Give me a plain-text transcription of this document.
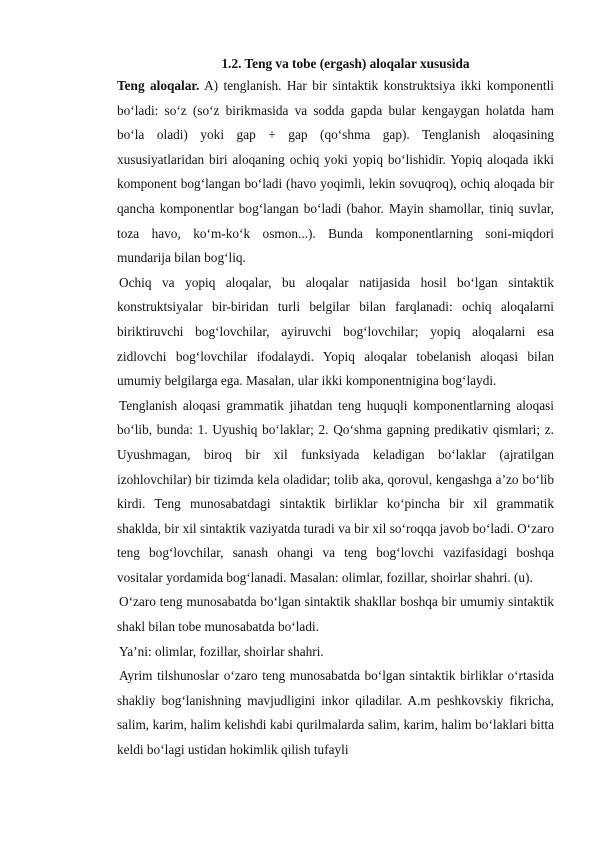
1.2. Teng va tobe (ergash) aloqalar xususida

Teng aloqalar. A) tenglanish. Har bir sintaktik konstruktsiya ikki komponentli bo‘ladi: so‘z (so‘z birikmasida va sodda gapda bular kengaygan holatda ham bo‘la oladi) yoki gap + gap (qo‘shma gap). Tenglanish aloqasining xususiyatlaridan biri aloqaning ochiq yoki yopiq bo‘lishidir. Yopiq aloqada ikki komponent bog‘langan bo‘ladi (havo yoqimli, lekin sovuqroq), ochiq aloqada bir qancha komponentlar bog‘langan bo‘ladi (bahor. Mayin shamollar, tiniq suvlar, toza havo, ko‘m-ko‘k osmon...). Bunda komponentlarning soni-miqdori mundarija bilan bog‘liq.

Ochiq va yopiq aloqalar, bu aloqalar natijasida hosil bo‘lgan sintaktik konstruktsiyalar bir-biridan turli belgilar bilan farqlanadi: ochiq aloqalarni biriktiruvchi bog‘lovchilar, ayiruvchi bog‘lovchilar; yopiq aloqalarni esa zidlovchi bog‘lovchilar ifodalaydi. Yopiq aloqalar tobelanish aloqasi bilan umumiy belgilarga ega. Masalan, ular ikki komponentnigina bog‘laydi.

Tenglanish aloqasi grammatik jihatdan teng huquqli komponentlarning aloqasi bo‘lib, bunda: 1. Uyushiq bo‘laklar; 2. Qo‘shma gapning predikativ qismlari; z. Uyushmagan, biroq bir xil funksiyada keladigan bo‘laklar (ajratilgan izohlovchilar) bir tizimda kela oladidar; tolib aka, qorovul, kengashga a’zo bo‘lib kirdi. Teng munosabatdagi sintaktik birliklar ko‘pincha bir xil grammatik shaklda, bir xil sintaktik vaziyatda turadi va bir xil so‘roqqa javob bo‘ladi. O‘zaro teng bog‘lovchilar, sanash ohangi va teng bog‘lovchi vazifasidagi boshqa vositalar yordamida bog‘lanadi. Masalan: olimlar, fozillar, shoirlar shahri. (u).

O‘zaro teng munosabatda bo‘lgan sintaktik shakllar boshqa bir umumiy sintaktik shakl bilan tobe munosabatda bo‘ladi.

Ya’ni: olimlar, fozillar, shoirlar shahri.

Ayrim tilshunoslar o‘zaro teng munosabatda bo‘lgan sintaktik birliklar o‘rtasida shakliy bog‘lanishning mavjudligini inkor qiladilar. A.m peshkovskiy fikricha, salim, karim, halim kelishdi kabi qurilmalarda salim, karim, halim bo‘laklari bitta keldi bo‘lagi ustidan hokimlik qilish tufayli
